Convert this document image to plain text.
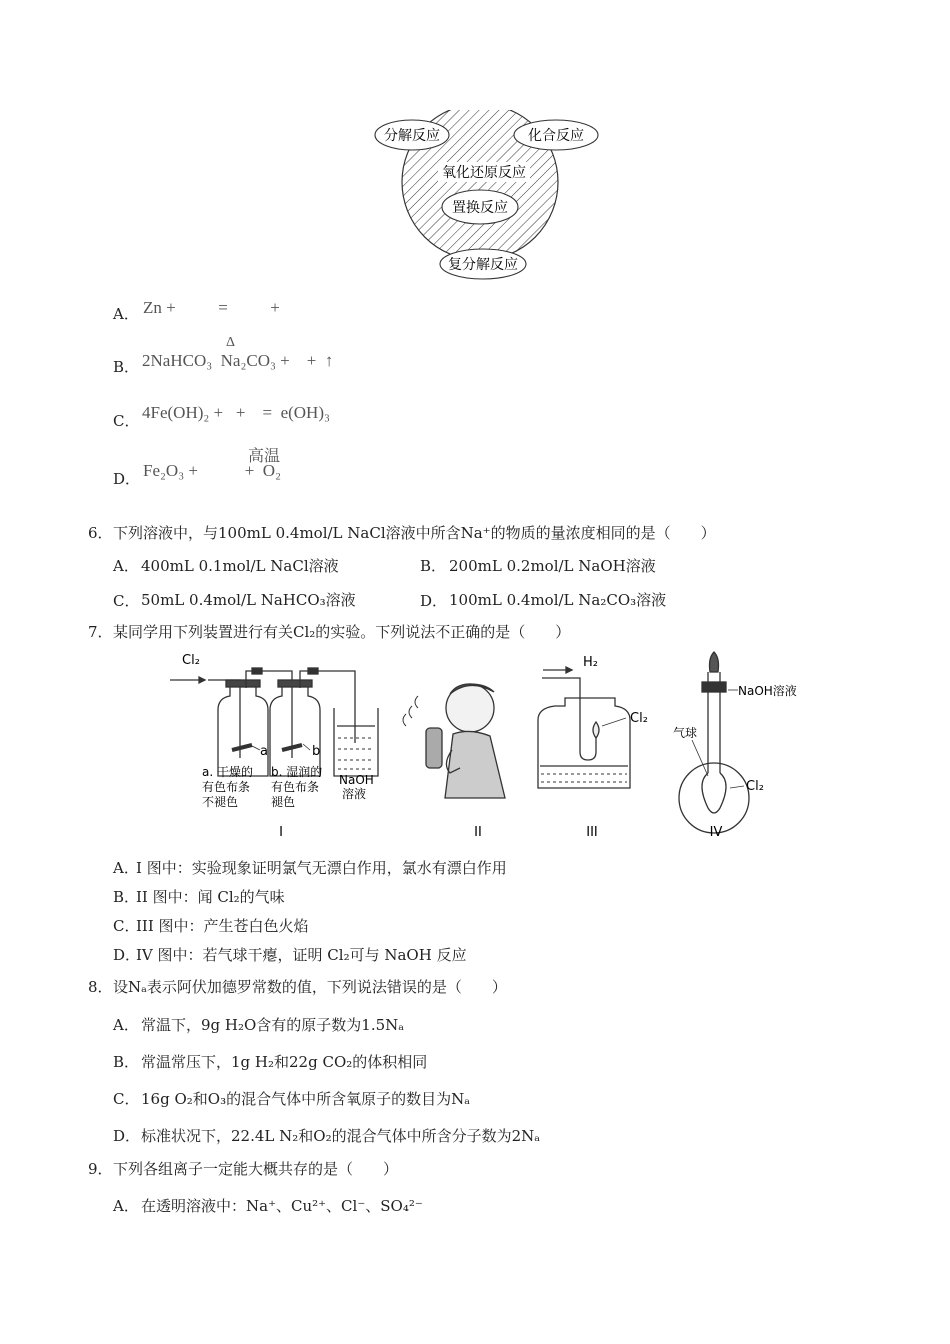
分解反应	化合反应
氧化还原反应
置换反应
复分解反应
A． Zn +          =          +
Δ
B． 2NaHCO₃  Na₂CO₃ +    +  ↑
C． 4Fe(OH)₂ +   +    =  e(OH)₃
高温
D． Fe₂O₃ +           +  O₂
6． 下列溶液中，与100mL 0.4mol/L NaCl溶液中所含Na⁺的物质的量浓度相同的是（　　）
A． 400mL 0.1mol/L NaCl溶液	B． 200mL 0.2mol/L NaOH溶液
C． 50mL 0.4mol/L NaHCO₃溶液	D． 100mL 0.4mol/L Na₂CO₃溶液
7． 某同学用下列装置进行有关Cl₂的实验。下列说法不正确的是（　　）
Cl₂
a	b
a. 干燥的
有色布条
不褪色
b. 湿润的
有色布条
褪色
NaOH
溶液
H₂
Cl₂
NaOH溶液
气球
Cl₂
I	II	III	IV
A．
I 图中：实验现象证明氯气无漂白作用，氯水有漂白作用
B．
II 图中：闻 Cl₂的气味
C．
III 图中：产生苍白色火焰
D．
IV 图中：若气球干瘪，证明 Cl₂可与 NaOH 反应
8． 设Nₐ表示阿伏加德罗常数的值，下列说法错误的是（　　）
A． 常温下，9g H₂O含有的原子数为1.5Nₐ
B． 常温常压下，1g H₂和22g CO₂的体积相同
C． 16g O₂和O₃的混合气体中所含氧原子的数目为Nₐ
D． 标准状况下，22.4L N₂和O₂的混合气体中所含分子数为2Nₐ
9． 下列各组离子一定能大概共存的是（　　）
A． 在透明溶液中：Na⁺、Cu²⁺、Cl⁻、SO₄²⁻
